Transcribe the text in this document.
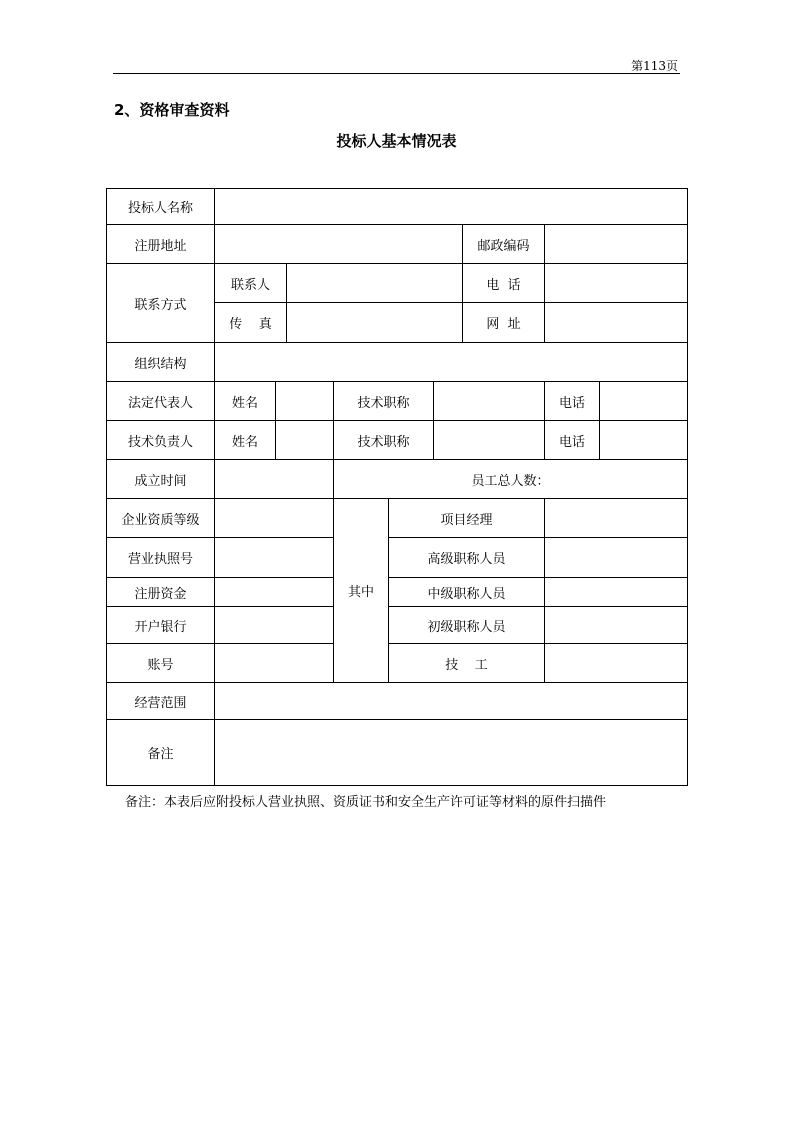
第113页
2、资格审查资料
投标人基本情况表
投标人名称									
注册地址							邮政编码		
联系方式	联系人						电  话		
	传    真						网  址		
组织结构									
法定代表人	姓名			技术职称				电话	
技术负责人	姓名			技术职称				电话	
成立时间				员工总人数：					
企业资质等级				其中	项目经理				
营业执照号					高级职称人员				
注册资金					中级职称人员				
开户银行					初级职称人员				
账号					技    工				
经营范围									
备注									
备注：本表后应附投标人营业执照、资质证书和安全生产许可证等材料的原件扫描件
